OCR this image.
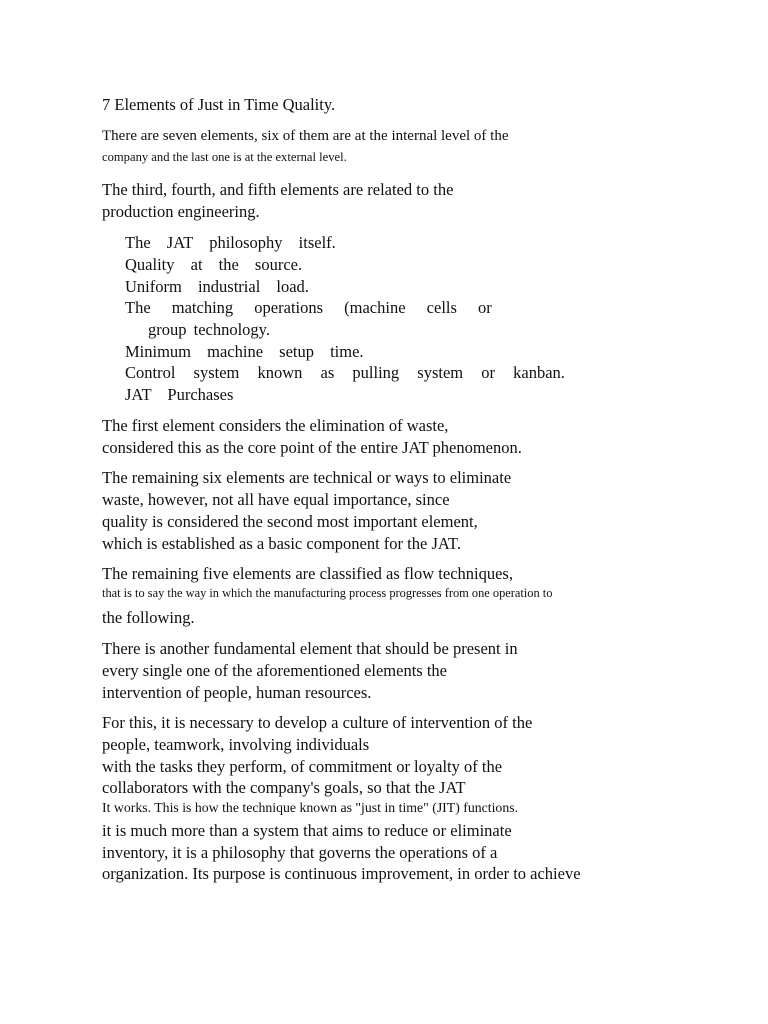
7 Elements of Just in Time Quality.
There are seven elements, six of them are at the internal level of the
company and the last one is at the external level.
The third, fourth, and fifth elements are related to the
production engineering.
The JAT philosophy itself.
Quality at the source.
Uniform industrial load.
The matching operations (machine cells or
group technology.
Minimum machine setup time.
Control system known as pulling system or kanban.
JAT Purchases
The first element considers the elimination of waste,
considered this as the core point of the entire JAT phenomenon.
The remaining six elements are technical or ways to eliminate
waste, however, not all have equal importance, since
quality is considered the second most important element,
which is established as a basic component for the JAT.
The remaining five elements are classified as flow techniques,
that is to say the way in which the manufacturing process progresses from one operation to
the following.
There is another fundamental element that should be present in
every single one of the aforementioned elements the
intervention of people, human resources.
For this, it is necessary to develop a culture of intervention of the
people, teamwork, involving individuals
with the tasks they perform, of commitment or loyalty of the
collaborators with the company's goals, so that the JAT
It works. This is how the technique known as "just in time" (JIT) functions.
it is much more than a system that aims to reduce or eliminate
inventory, it is a philosophy that governs the operations of a
organization. Its purpose is continuous improvement, in order to achieve
